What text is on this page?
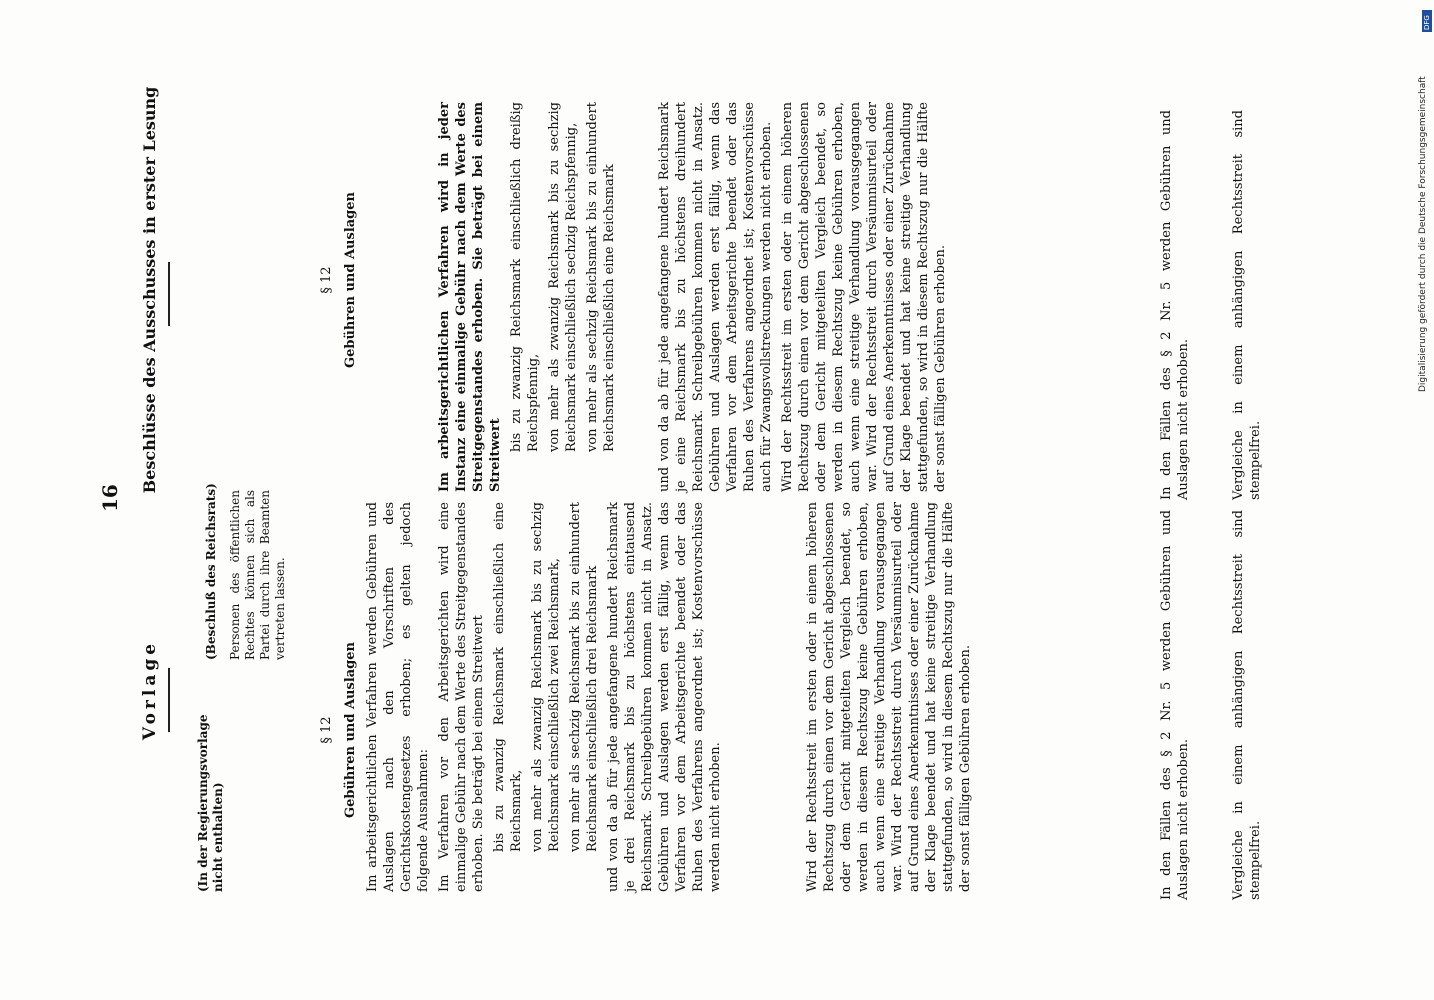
16
Vorlage
(In der Regierungsvorlage nicht enthalten)
(Beschluß des Reichsrats) Personen des öffentlichen Rechtes können sich als Partei durch ihre Beamten vertreten lassen.
§ 12 Gebühren und Auslagen Im arbeitsgerichtlichen Verfahren werden Gebühren und Auslagen nach den Vorschriften des Gerichtskostengesetzes erhoben; es gelten jedoch folgende Ausnahmen: Im Verfahren vor den Arbeitsgerichten wird eine einmalige Gebühr nach dem Werte des Streitgegenstandes erhoben. Sie beträgt bei einem Streitwert bis zu zwanzig Reichsmark einschließlich eine Reichsmark, von mehr als zwanzig Reichsmark bis zu sechzig Reichsmark einschließlich zwei Reichsmark, von mehr als sechzig Reichsmark bis zu einhundert Reichsmark einschließlich drei Reichsmark und von da ab für jede angefangene hundert Reichsmark je drei Reichsmark bis zu höchstens eintausend Reichsmark. Schreibgebühren kommen nicht in Ansatz. Gebühren und Auslagen werden erst fällig, wenn das Verfahren vor dem Arbeitsgerichte beendet oder das Ruhen des Verfahrens angeordnet ist; Kostenvorschüsse werden nicht erhoben.	Wird der Rechtsstreit im ersten oder in einem höheren Rechtszug durch einen vor dem Gericht abgeschlossenen oder dem Gericht mitgeteilten Vergleich beendet, so werden in diesem Rechtszug keine Gebühren erhoben, auch wenn eine streitige Verhandlung vorausgegangen war. Wird der Rechtsstreit durch Versäumnisurteil oder auf Grund eines Anerkenntnisses oder einer Zurücknahme der Klage beendet und hat keine streitige Verhandlung stattgefunden, so wird in diesem Rechtszug nur die Hälfte der sonst fälligen Gebühren erhoben.	In den Fällen des § 2 Nr. 5 werden Gebühren und Auslagen nicht erhoben.	Vergleiche in einem anhängigen Rechtsstreit sind stempelfrei.
Beschlüsse des Ausschusses in erster Lesung	§ 12 Gebühren und Auslagen	Im arbeitsgerichtlichen Verfahren wird in jeder Instanz eine einmalige Gebühr nach dem Werte des Streitgegenstandes erhoben. Sie beträgt bei einem Streitwert

bis zu zwanzig Reichsmark einschließlich dreißig Reichspfennig, von mehr als zwanzig Reichsmark bis zu sechzig Reichsmark einschließlich sechzig Reichspfennig, von mehr als sechzig Reichsmark bis zu einhundert Reichsmark einschließlich eine Reichsmark	und von da ab für jede angefangene hundert Reichsmark je eine Reichsmark bis zu höchstens dreihundert Reichsmark. Schreibgebühren kommen nicht in Ansatz. Gebühren und Auslagen werden erst fällig, wenn das Verfahren vor dem Arbeitsgerichte beendet oder das Ruhen des Verfahrens angeordnet ist; Kostenvorschüsse auch für Zwangsvollstreckungen werden nicht erhoben. Wird der Rechtsstreit im ersten oder in einem höheren Rechtszug durch einen vor dem Gericht abgeschlossenen oder dem Gericht mitgeteilten Vergleich beendet, so werden in diesem Rechtszug keine Gebühren erhoben, auch wenn eine streitige Verhandlung vorausgegangen war. Wird der Rechtsstreit durch Versäumnisurteil oder auf Grund eines Anerkenntnisses oder einer Zurücknahme der Klage beendet und hat keine streitige Verhandlung stattgefunden, so wird in diesem Rechtszug nur die Hälfte der sonst fälligen Gebühren erhoben.	In den Fällen des § 2 Nr. 5 werden Gebühren und Auslagen nicht erhoben.	Vergleiche in einem anhängigen Rechtsstreit sind stempelfrei.
Digitalisierung gefördert durch die Deutsche Forschungsgemeinschaft
DFG
